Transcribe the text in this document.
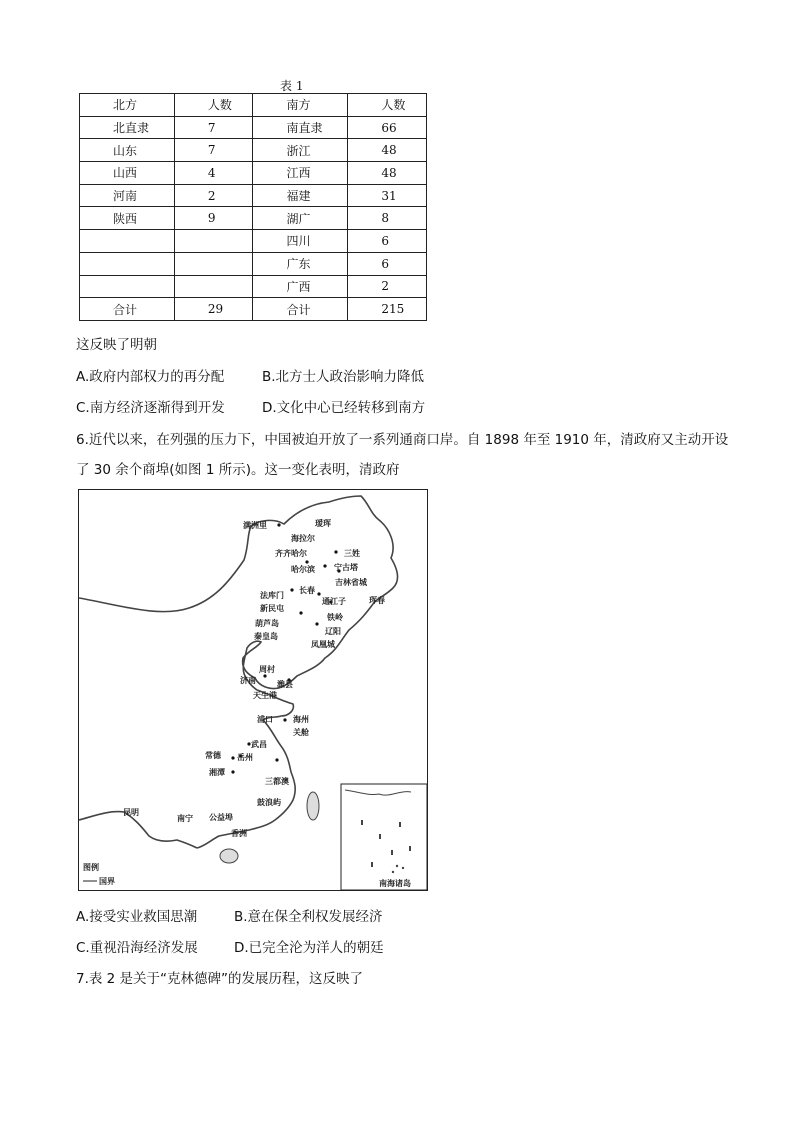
表 1
北方	人数	南方	人数
北直隶	7	南直隶	66
山东	7	浙江	48
山西	4	江西	48
河南	2	福建	31
陕西	9	湖广	8
		四川	6
		广东	6
		广西	2
合计	29	合计	215
这反映了明朝
A.政府内部权力的再分配	B.北方士人政治影响力降低
C.南方经济逐渐得到开发	D.文化中心已经转移到南方
6.近代以来，在列强的压力下，中国被迫开放了一系列通商口岸。自 1898 年至 1910 年，清政府又主动开设
了 30 余个商埠(如图 1 所示)。这一变化表明，清政府
南海诸岛
图例
国界
满洲里	瑷珲
海拉尔
齐齐哈尔	三姓
哈尔滨 宁古塔
吉林省城
珲春
法库门
长春
通江子
新民屯
铁岭
葫芦岛
辽阳
秦皇岛
凤凰城
周村
济南	潍县
天生港
浦口	海州
关舱
常德
武昌
岳州
湘潭
三都澳
鼓浪屿
昆明
南宁 公益埠
香洲
A.接受实业救国思潮	B.意在保全利权发展经济
C.重视沿海经济发展	D.已完全沦为洋人的朝廷
7.表 2 是关于“克林德碑”的发展历程，这反映了
